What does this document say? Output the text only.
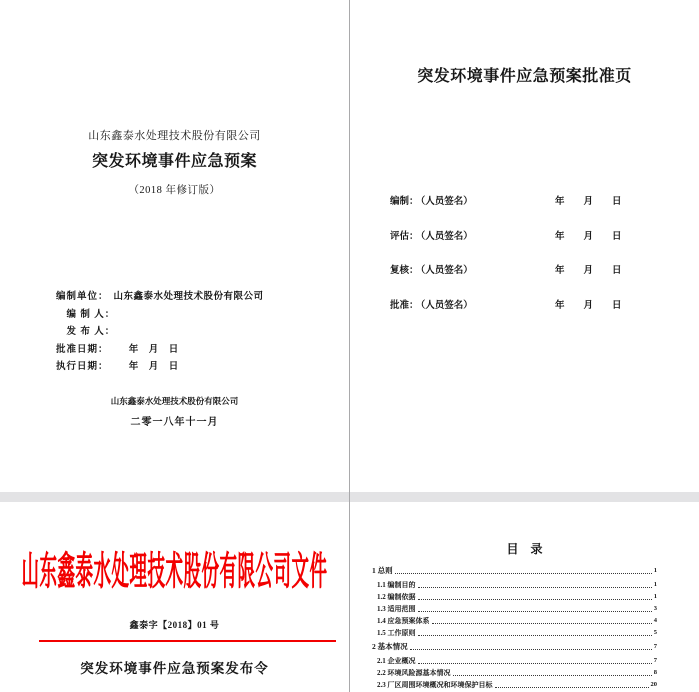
山东鑫泰水处理技术股份有限公司
突发环境事件应急预案
（2018 年修订版）
编制单位： 山东鑫泰水处理技术股份有限公司
　编 制 人：
　发 布 人：
批准日期：　　年　月　日
执行日期：　　年　月　日
山东鑫泰水处理技术股份有限公司
二零一八年十一月
突发环境事件应急预案批准页
编制： （人员签名）	年　　月　　日
评估： （人员签名）	年　　月　　日
复核： （人员签名）	年　　月　　日
批准： （人员签名）	年　　月　　日
山东鑫泰水处理技术股份有限公司文件
鑫泰字【2018】01 号
突发环境事件应急预案发布令
目　录
1 总则	1
1.1 编制目的	1
1.2 编制依据	1
1.3 适用范围	3
1.4 应急预案体系	4
1.5 工作原则	5
2 基本情况	7
2.1 企业概况	7
2.2 环境风险源基本情况	8
2.3 厂区周围环境概况和环境保护目标	20
